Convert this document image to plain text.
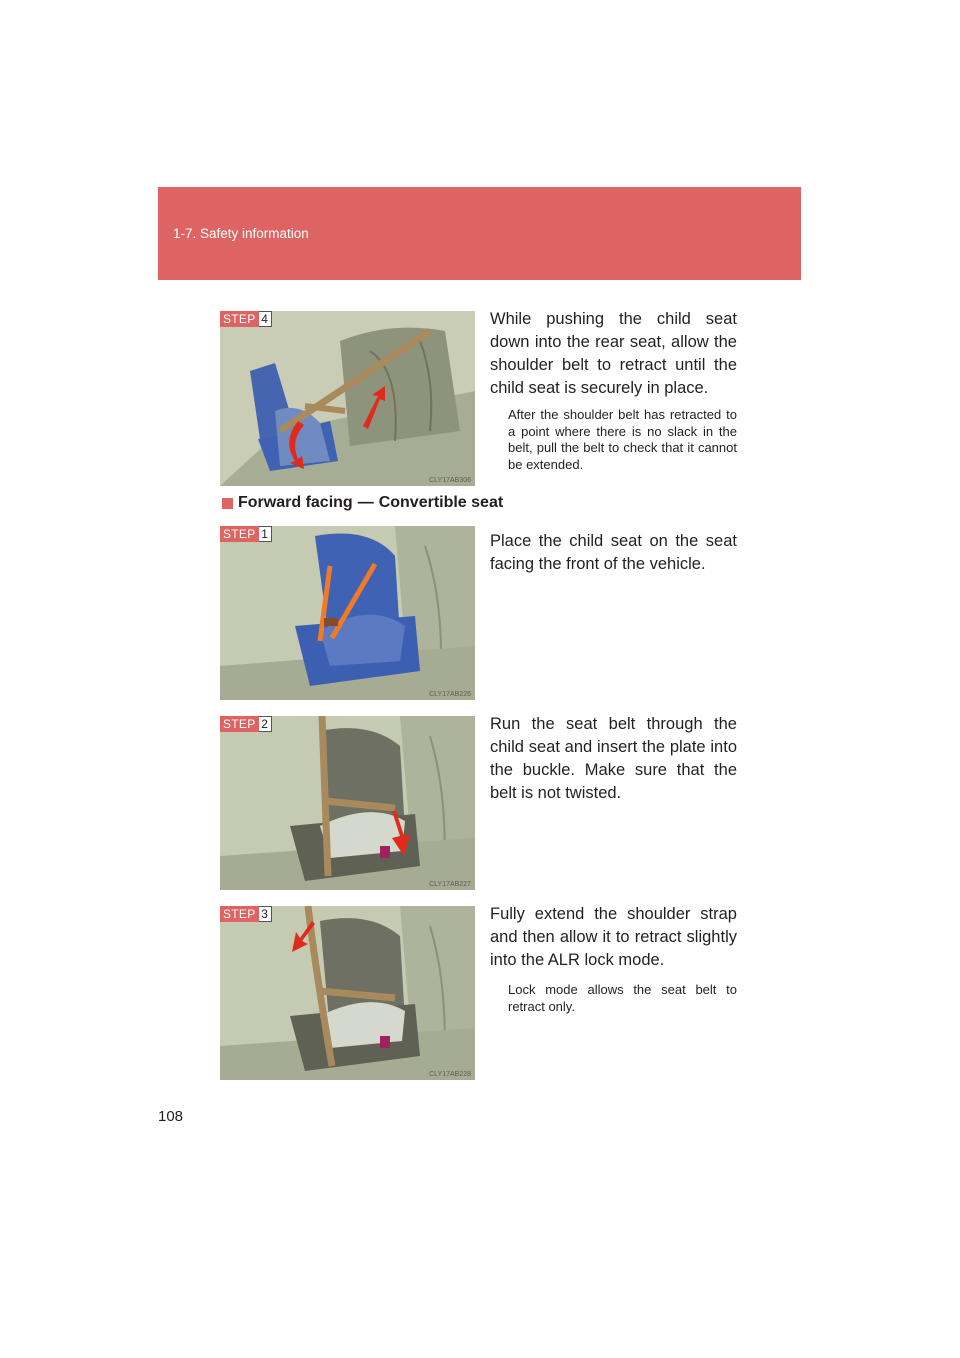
1-7. Safety information
STEP 4
CLY17AB306

While pushing the child seat down into the rear seat, allow the shoulder belt to retract until the child seat is securely in place.

After the shoulder belt has retracted to a point where there is no slack in the belt, pull the belt to check that it cannot be extended.

Forward facing — Convertible seat
STEP 1
CLY17AB226

Place the child seat on the seat facing the front of the vehicle.

STEP 2
CLY17AB227

Run the seat belt through the child seat and insert the plate into the buckle. Make sure that the belt is not twisted.

STEP 3
CLY17AB228

Fully extend the shoulder strap and then allow it to retract slightly into the ALR lock mode.

Lock mode allows the seat belt to retract only.

108
